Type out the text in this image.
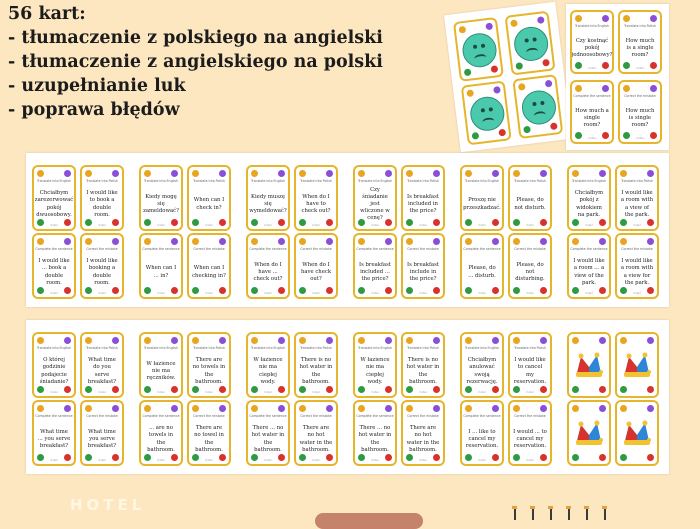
56 kart:
- tłumaczenie z polskiego na angielski
- tłumaczenie z angielskiego na polski
- uzupełnianie luk
- poprawa błędów
Translate into English
Czy kostnąć pokój jednoosobowy?
hotel
Translate into Polish
How much is a single room?
hotel
Complete the sentence
How much a single room?
hotel
Correct the mistake
How much is single room?
hotel
Translate into English
Chciałbym zarezerwować pokój dwuosobowy.
hotel
Translate into Polish
I would like to book a double room.
hotel
Complete the sentence
I would like ... book a double room.
hotel
Correct the mistake
I would like booking a double room.
hotel
Translate into English
Kiedy mogę się zameldować?
hotel
Translate into Polish
When can I check in?
hotel
Complete the sentence
When can I ... in?
hotel
Correct the mistake
When can I checking in?
hotel
Translate into English
Kiedy muszę się wymeldować?
hotel
Translate into Polish
When do I have to check out?
hotel
Complete the sentence
When do I have ... check out?
hotel
Correct the mistake
When do I have check out?
hotel
Translate into English
Czy śniadanie jest wliczone w cenę?
hotel
Translate into Polish
Is breakfast included in the price?
hotel
Complete the sentence
Is breakfast included ... the price?
hotel
Correct the mistake
Is breakfast include in the price?
hotel
Translate into English
Proszę nie przeszkadzać.
hotel
Translate into Polish
Please, do not disturb.
hotel
Complete the sentence
Please, do ... disturb.
hotel
Correct the mistake
Please, do not disturbing.
hotel
Translate into English
Chciałbym pokój z widokiem na park.
hotel
Translate into Polish
I would like a room with a view of the park.
hotel
Complete the sentence
I would like a room ... a view of the park.
hotel
Correct the mistake
I would like a room with a view for the park.
hotel
Translate into English
O której godzinie podajecie śniadanie?
hotel
Translate into Polish
What time do you serve breakfast?
hotel
Complete the sentence
What time ... you serve breakfast?
hotel
Correct the mistake
What time you serve breakfast?
hotel
Translate into English
W łazience nie ma ręczników.
hotel
Translate into Polish
There are no towels in the bathroom.
hotel
Complete the sentence
... are no towels in the bathroom.
hotel
Correct the mistake
There are no towel in the bathroom.
hotel
Translate into English
W łazience nie ma ciepłej wody.
hotel
Translate into Polish
There is no hot water in the bathroom.
hotel
Complete the sentence
There ... no hot water in the bathroom.
hotel
Correct the mistake
There are no hot water in the bathroom.
hotel
Translate into English
W łazience nie ma ciepłej wody.
hotel
Translate into Polish
There is no hot water in the bathroom.
hotel
Complete the sentence
There ... no hot water in the bathroom.
hotel
Correct the mistake
There are no hot water in the bathroom.
hotel
Translate into English
Chciałbym anulować swoją rezerwację.
hotel
Translate into Polish
I would like to cancel my reservation.
hotel
Complete the sentence
I ... like to cancel my reservation.
hotel
Correct the mistake
I would ... to cancel my reservation.
hotel
HOTEL
